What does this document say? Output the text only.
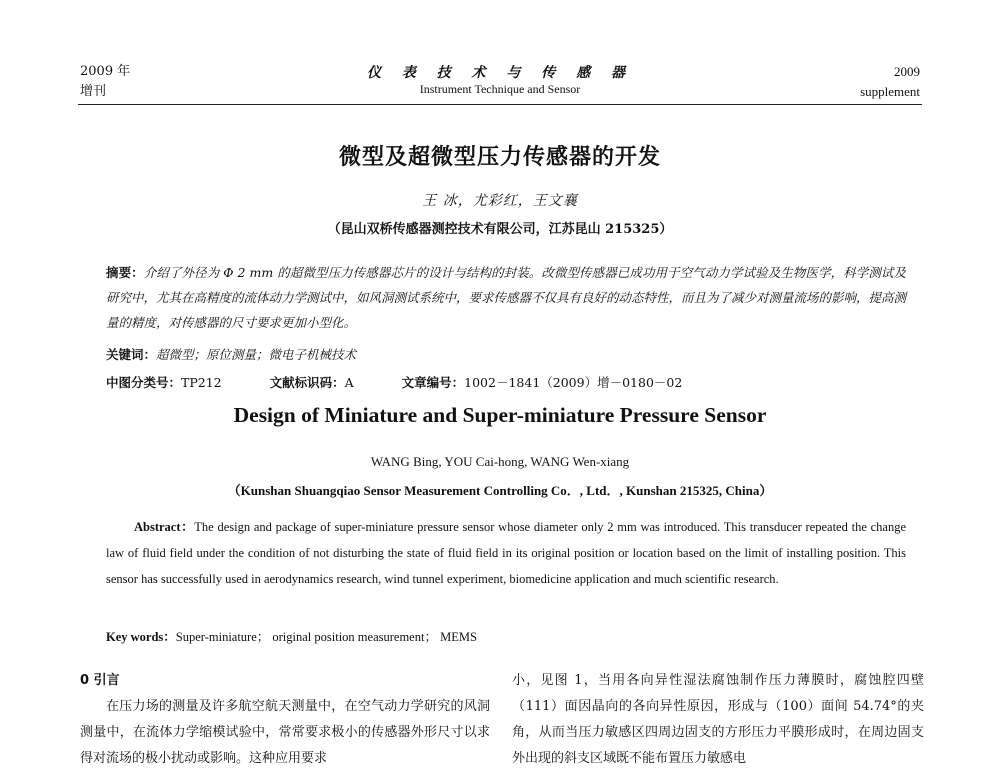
2009 年
增刊
仪 表 技 术 与 传 感 器
Instrument Technique and Sensor
2009
supplement
微型及超微型压力传感器的开发
王 冰，尤彩红，王文襄
（昆山双桥传感器测控技术有限公司，江苏昆山 215325）
摘要：介绍了外径为 Φ 2 mm 的超微型压力传感器芯片的设计与结构的封装。改微型传感器已成功用于空气动力学试验及生物医学，科学测试及研究中，尤其在高精度的流体动力学测试中，如风洞测试系统中，要求传感器不仅具有良好的动态特性，而且为了减少对测量流场的影响，提高测量的精度，对传感器的尺寸要求更加小型化。
关键词：超微型；原位测量；微电子机械技术
中图分类号：TP212	文献标识码：A	文章编号：1002－1841（2009）增－0180－02
Design of Miniature and Super-miniature Pressure Sensor
WANG Bing, YOU Cai-hong, WANG Wen-xiang
（Kunshan Shuangqiao Sensor Measurement Controlling Co．, Ltd．, Kunshan 215325, China）
Abstract：The design and package of super-miniature pressure sensor whose diameter only 2 mm was introduced. This transducer repeated the change law of fluid field under the condition of not disturbing the state of fluid field in its original position or location based on the limit of installing position. This sensor has successfully used in aerodynamics research, wind tunnel experiment, biomedicine application and much scientific research.
Key words：Super-miniature； original position measurement； MEMS
0 引言
在压力场的测量及许多航空航天测量中，在空气动力学研究的风洞测量中，在流体力学缩模试验中，常常要求极小的传感器外形尺寸以求得对流场的极小扰动或影响。这种应用要求
小，见图 1，当用各向异性湿法腐蚀制作压力薄膜时，腐蚀腔四壁（111）面因晶向的各向异性原因，形成与（100）面间 54.74°的夹角，从而当压力敏感区四周边固支的方形压力平膜形成时，在周边固支外出现的斜支区域既不能布置压力敏感电
